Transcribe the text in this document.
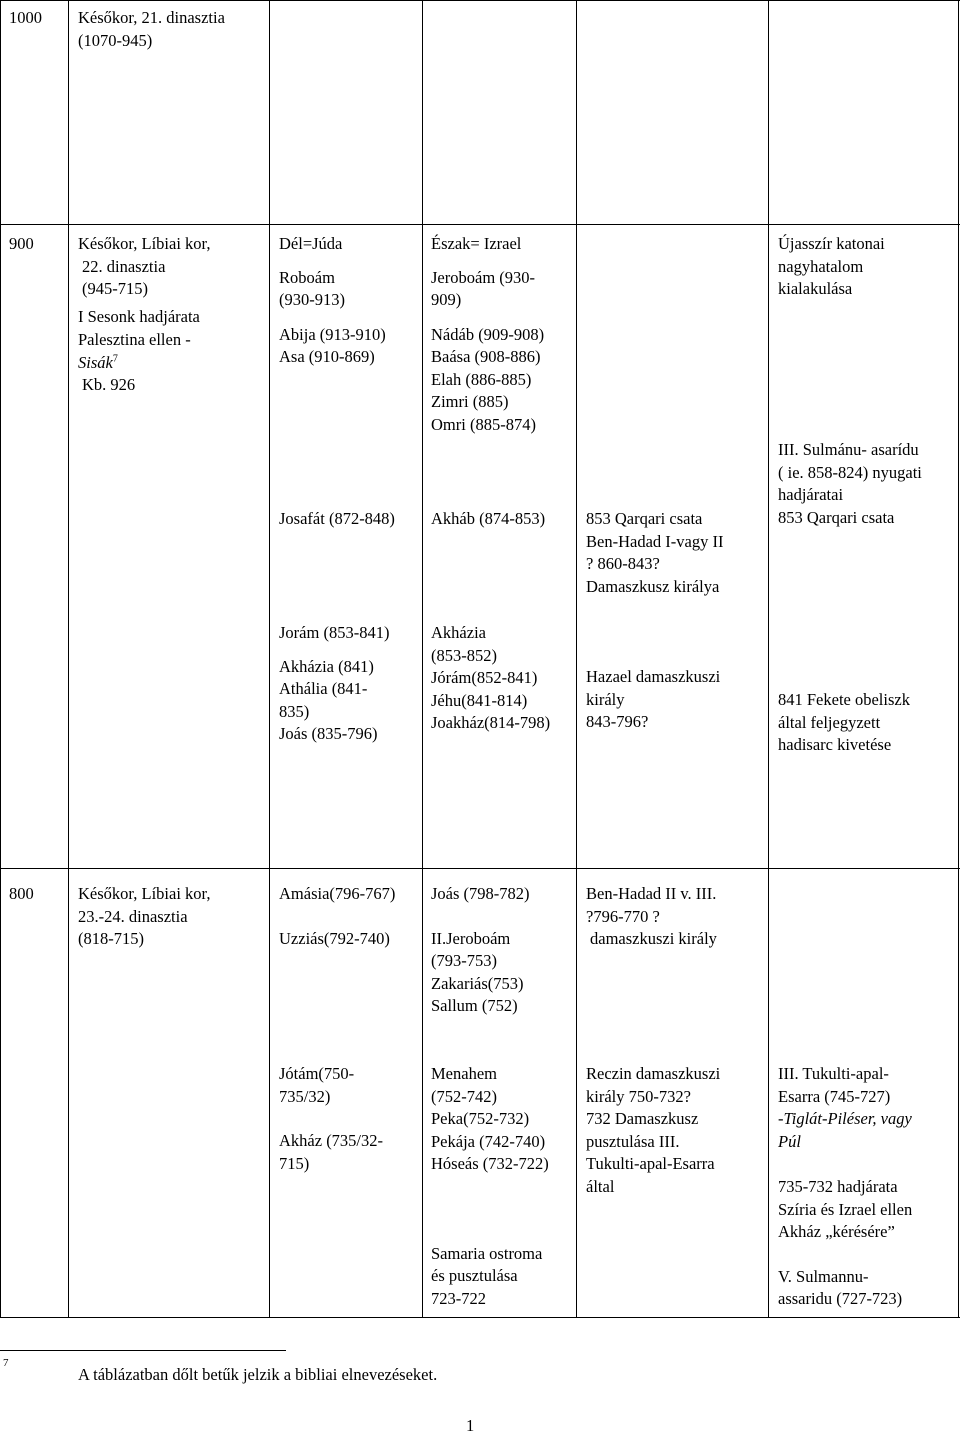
1000 Későkor, 21. dinasztia
(1070-945)
900	Későkor, Líbiai kor,
22. dinasztia
(945-715)
I Sesonk hadjárata
Palesztina ellen -
Sisák$^7$
Kb. 926
Dél=Júda
Roboám
(930-913)
Abija (913-910)
Asa (910-869)
Észak= Izrael
Jeroboám (930-
909)
Nádáb (909-908)
Baása (908-886)
Elah (886-885)
Zimri (885)
Omri (885-874)
Újasszír katonai
nagyhatalom
kialakulása
III. Sulmánu- asarídu
( ie. 858-824) nyugati
hadjáratai
853 Qarqari csata
Josafát (872-848) Akháb (874-853) 853 Qarqari csata
Ben-Hadad I-vagy II
? 860-843?
Damaszkusz királya
Jorám (853-841)
Akházia (841)
Athália (841-
835)
Joás (835-796)
Akházia
(853-852)
Jórám(852-841)
Jéhu(841-814)
Joakház(814-798)
Hazael damaszkuszi
király
843-796?
841 Fekete obeliszk
által feljegyzett
hadisarc kivetése
800	Későkor, Líbiai kor,
23.-24. dinasztia
(818-715)
Amásia(796-767)
Uzziás(792-740)
Joás (798-782)
II.Jeroboám
(793-753)
Zakariás(753)
Sallum (752)
Ben-Hadad II v. III.
?796-770 ?
damaszkuszi király
Jótám(750-
735/32)
Akház (735/32-
715)
Menahem
(752-742)
Peka(752-732)
Pekája (742-740)
Hóseás (732-722)
Samaria ostroma
és pusztulása
723-722
Reczin damaszkuszi
király 750-732?
732 Damaszkusz
pusztulása III.
Tukulti-apal-Esarra
által
III. Tukulti-apal-
Esarra (745-727)
-Tiglát-Piléser, vagy
Púl
735-732 hadjárata
Szíria és Izrael ellen
Akház „kérésére”
V. Sulmannu-
assaridu (727-723)
7
A táblázatban dőlt betűk jelzik a bibliai elnevezéseket.
1
